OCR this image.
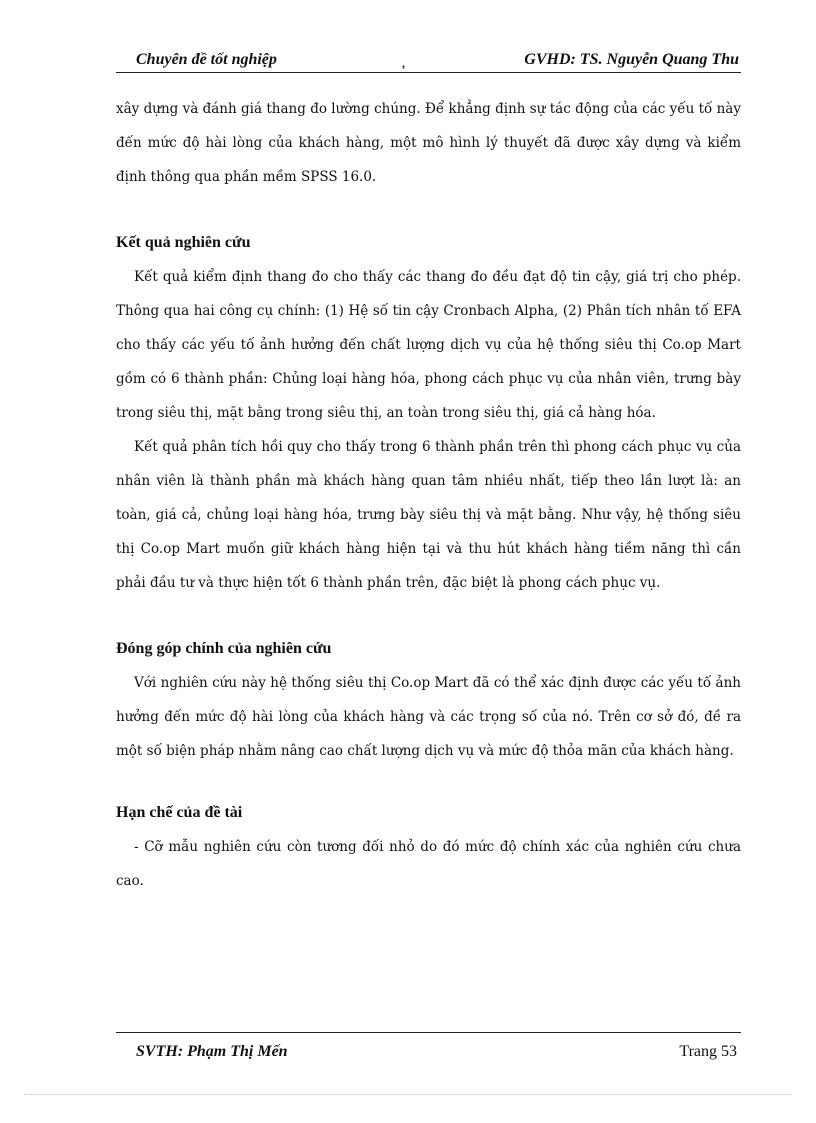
Chuyên đề tốt nghiệp	,	GVHD: TS. Nguyễn Quang Thu

xây dựng và đánh giá thang đo lường chúng. Để khẳng định sự tác động của các yếu tố này đến mức độ hài lòng của khách hàng, một mô hình lý thuyết đã được xây dựng và kiểm định thông qua phần mềm SPSS 16.0.

Kết quả nghiên cứu

Kết quả kiểm định thang đo cho thấy các thang đo đều đạt độ tin cậy, giá trị cho phép. Thông qua hai công cụ chính: (1) Hệ số tin cậy Cronbach Alpha, (2) Phân tích nhân tố EFA cho thấy các yếu tố ảnh hưởng đến chất lượng dịch vụ của hệ thống siêu thị Co.op Mart gồm có 6 thành phần: Chủng loại hàng hóa, phong cách phục vụ của nhân viên, trưng bày trong siêu thị, mặt bằng trong siêu thị, an toàn trong siêu thị, giá cả hàng hóa.

Kết quả phân tích hồi quy cho thấy trong 6 thành phần trên thì phong cách phục vụ của nhân viên là thành phần mà khách hàng quan tâm nhiều nhất, tiếp theo lần lượt là: an toàn, giá cả, chủng loại hàng hóa, trưng bày siêu thị và mặt bằng. Như vậy, hệ thống siêu thị Co.op Mart muốn giữ khách hàng hiện tại và thu hút khách hàng tiềm năng thì cần phải đầu tư và thực hiện tốt 6 thành phần trên, đặc biệt là phong cách phục vụ.

Đóng góp chính của nghiên cứu

Với nghiên cứu này hệ thống siêu thị Co.op Mart đã có thể xác định được các yếu tố ảnh hưởng đến mức độ hài lòng của khách hàng và các trọng số của nó. Trên cơ sở đó, đề ra một số biện pháp nhằm nâng cao chất lượng dịch vụ và mức độ thỏa mãn của khách hàng.

Hạn chế của đề tài

- Cỡ mẫu nghiên cứu còn tương đối nhỏ do đó mức độ chính xác của nghiên cứu chưa cao.

SVTH: Phạm Thị Mến	Trang 53
